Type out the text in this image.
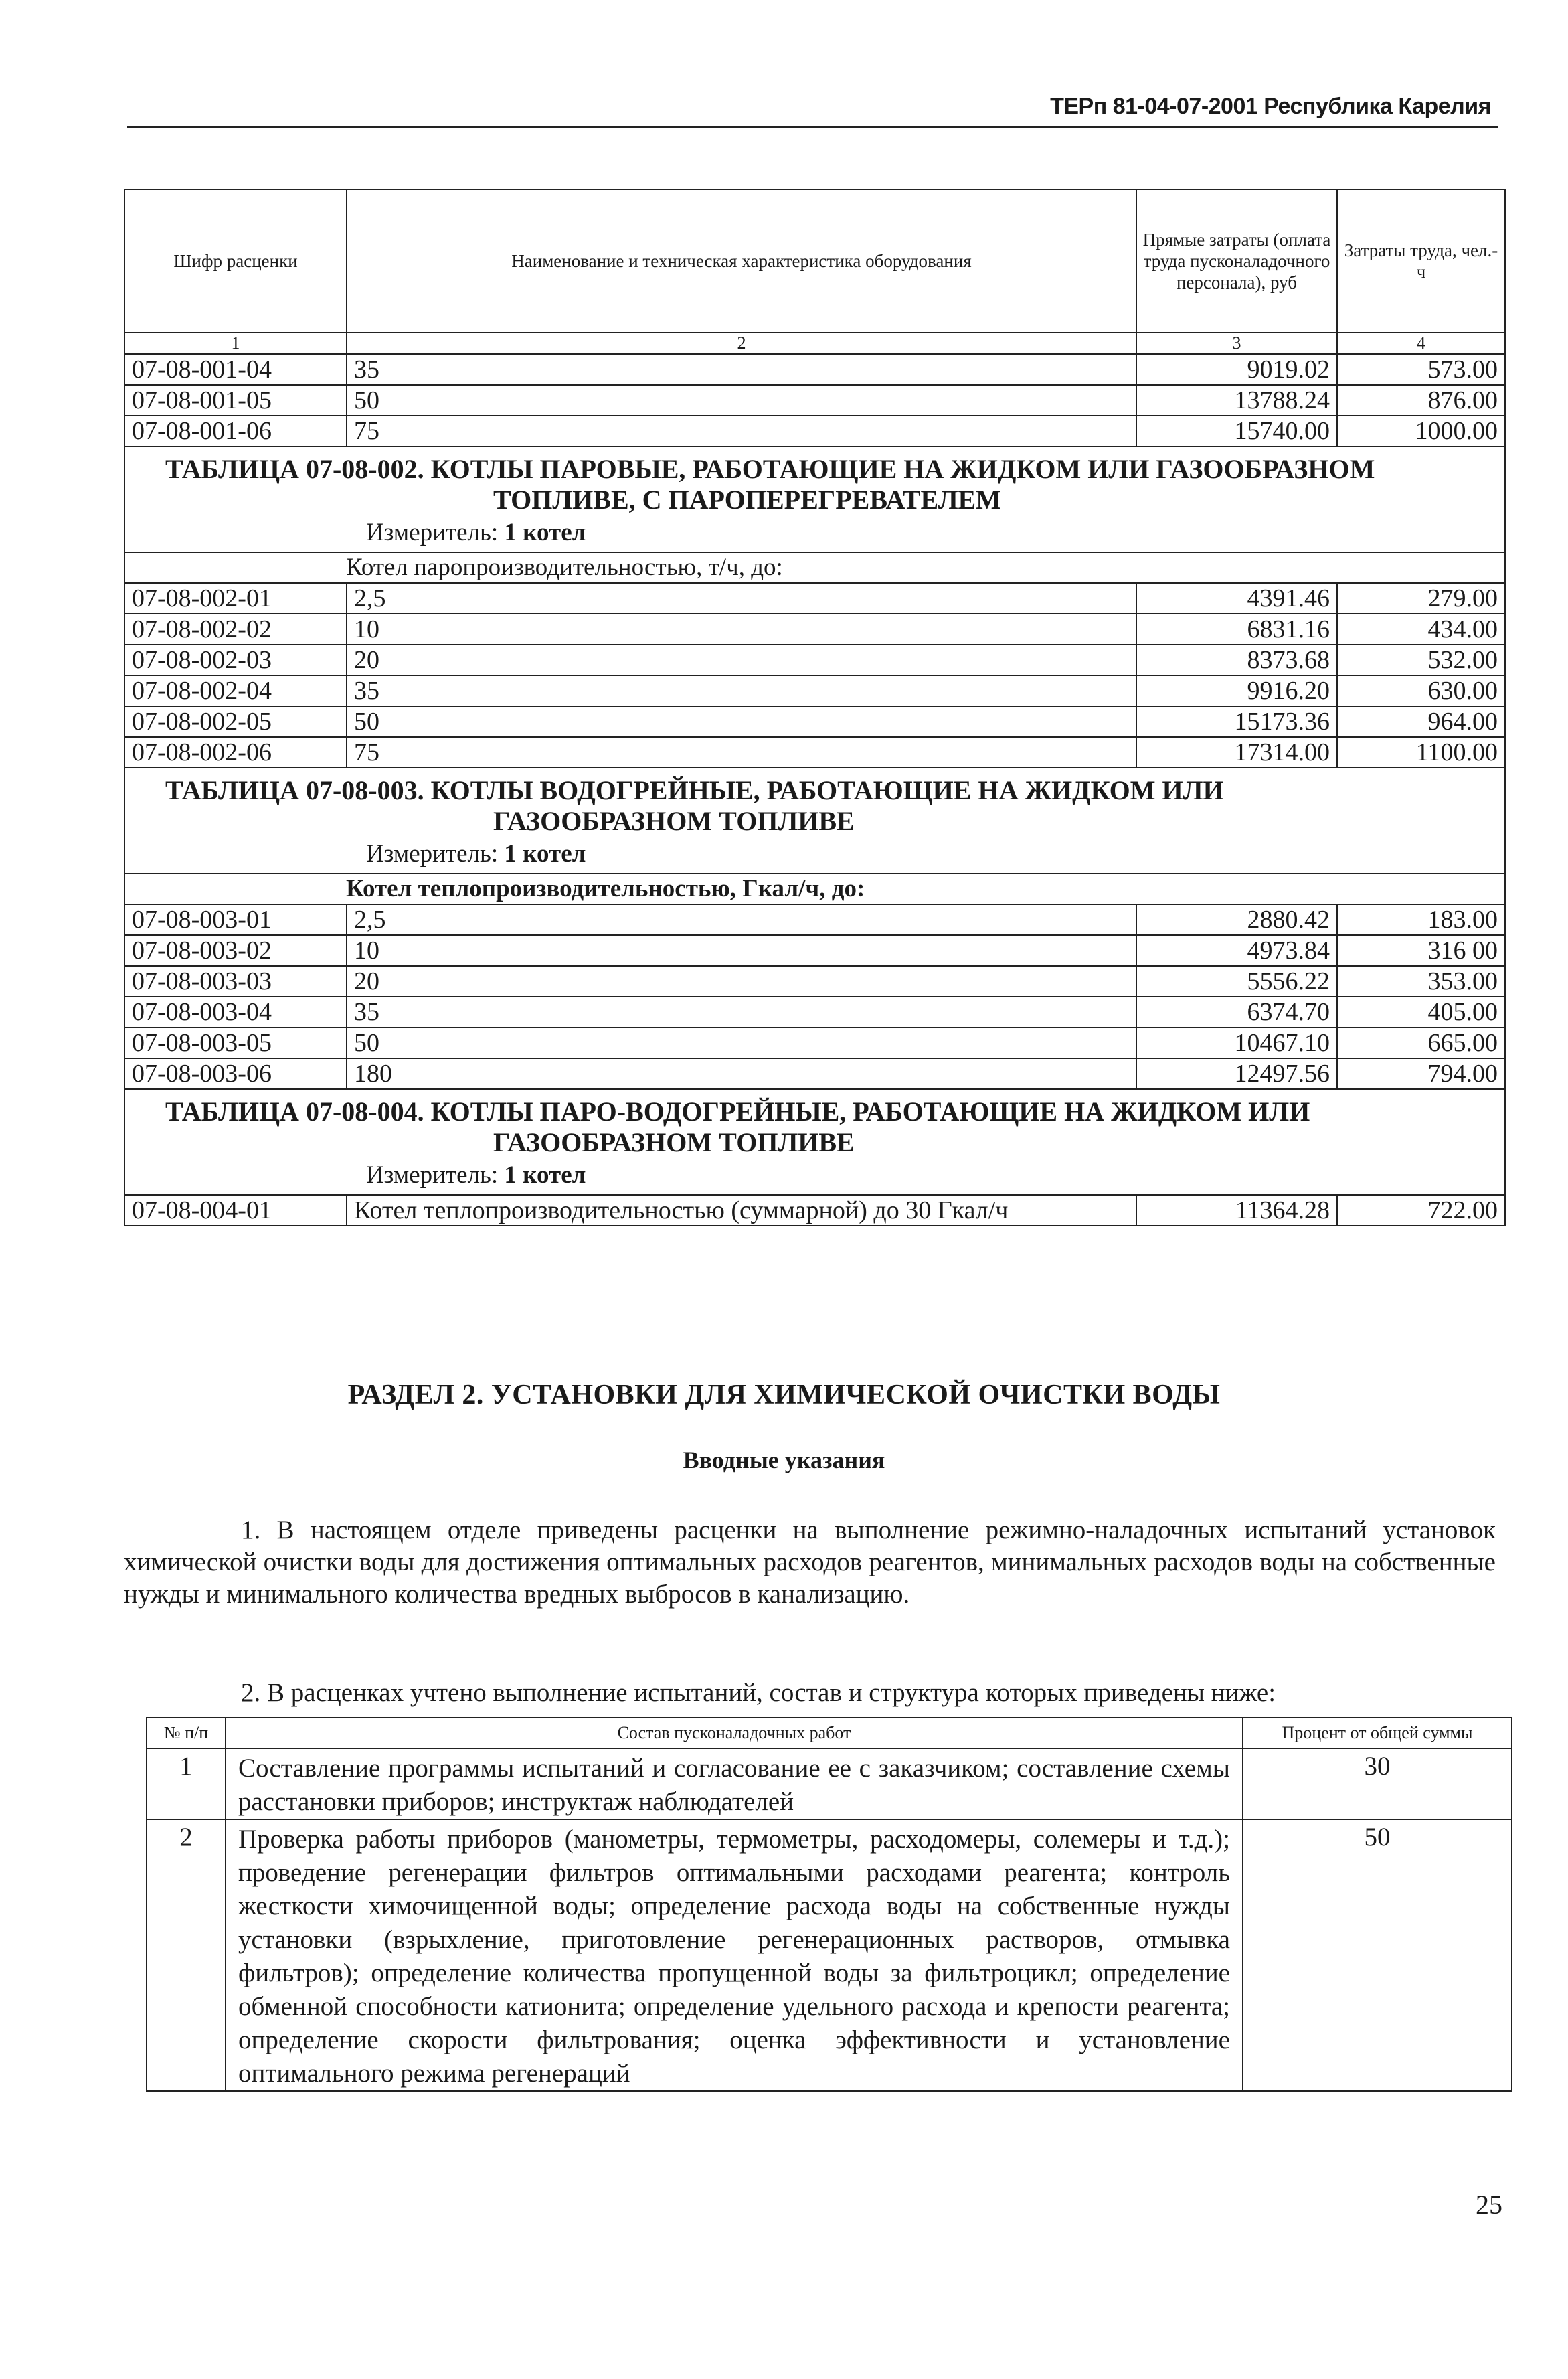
ТЕРп 81-04-07-2001 Республика Карелия
Шифр расценки	Наименование и техническая характеристика оборудования	Прямые затраты (оплата труда пусконаладочного персонала), руб	Затраты труда, чел.-ч
1	2	3	4
07-08-001-04	35	9019.02	573.00
07-08-001-05	50	13788.24	876.00
07-08-001-06	75	15740.00	1000.00

ТАБЛИЦА 07-08-002. КОТЛЫ ПАРОВЫЕ, РАБОТАЮЩИЕ НА ЖИДКОМ ИЛИ ГАЗООБРАЗНОМ
ТОПЛИВЕ, С ПАРОПЕРЕГРЕВАТЕЛЕМ
Измеритель: 1 котел			

Котел паропроизводительностью, т/ч, до:			
07-08-002-01	2,5	4391.46	279.00
07-08-002-02	10	6831.16	434.00
07-08-002-03	20	8373.68	532.00
07-08-002-04	35	9916.20	630.00
07-08-002-05	50	15173.36	964.00
07-08-002-06	75	17314.00	1100.00

ТАБЛИЦА 07-08-003. КОТЛЫ ВОДОГРЕЙНЫЕ, РАБОТАЮЩИЕ НА ЖИДКОМ ИЛИ
ГАЗООБРАЗНОМ ТОПЛИВЕ
Измеритель: 1 котел			

Котел теплопроизводительностью, Гкал/ч, до:			
07-08-003-01	2,5	2880.42	183.00
07-08-003-02	10	4973.84	316 00
07-08-003-03	20	5556.22	353.00
07-08-003-04	35	6374.70	405.00
07-08-003-05	50	10467.10	665.00
07-08-003-06	180	12497.56	794.00

ТАБЛИЦА 07-08-004. КОТЛЫ ПАРО-ВОДОГРЕЙНЫЕ, РАБОТАЮЩИЕ НА ЖИДКОМ ИЛИ
ГАЗООБРАЗНОМ ТОПЛИВЕ
Измеритель: 1 котел			

07-08-004-01	Котел теплопроизводительностью (суммарной) до 30 Гкал/ч	11364.28	722.00
РАЗДЕЛ 2. УСТАНОВКИ ДЛЯ ХИМИЧЕСКОЙ ОЧИСТКИ ВОДЫ
Вводные указания
1. В настоящем отделе приведены расценки на выполнение режимно-наладочных испытаний установок химической очистки воды для достижения оптимальных расходов реагентов, минимальных расходов воды на собственные нужды и минимального количества вредных выбросов в канализацию.
2. В расценках учтено выполнение испытаний, состав и структура которых приведены ниже:
№ п/п	Состав пусконаладочных работ	Процент от общей суммы
1	Составление программы испытаний и согласование ее с заказчиком; составление схемы расстановки приборов; инструктаж наблюдателей	30
2	Проверка работы приборов (манометры, термометры, расходомеры, солемеры и т.д.); проведение регенерации фильтров оптимальными расходами реагента; контроль жесткости химочищенной воды; определение расхода воды на собственные нужды установки (взрыхление, приготовление регенерационных растворов, отмывка фильтров); определение количества пропущенной воды за фильтроцикл; определение обменной способности катионита; определение удельного расхода и крепости реагента; определение скорости фильтрования; оценка эффективности и установление оптимального режима регенераций	50
25
